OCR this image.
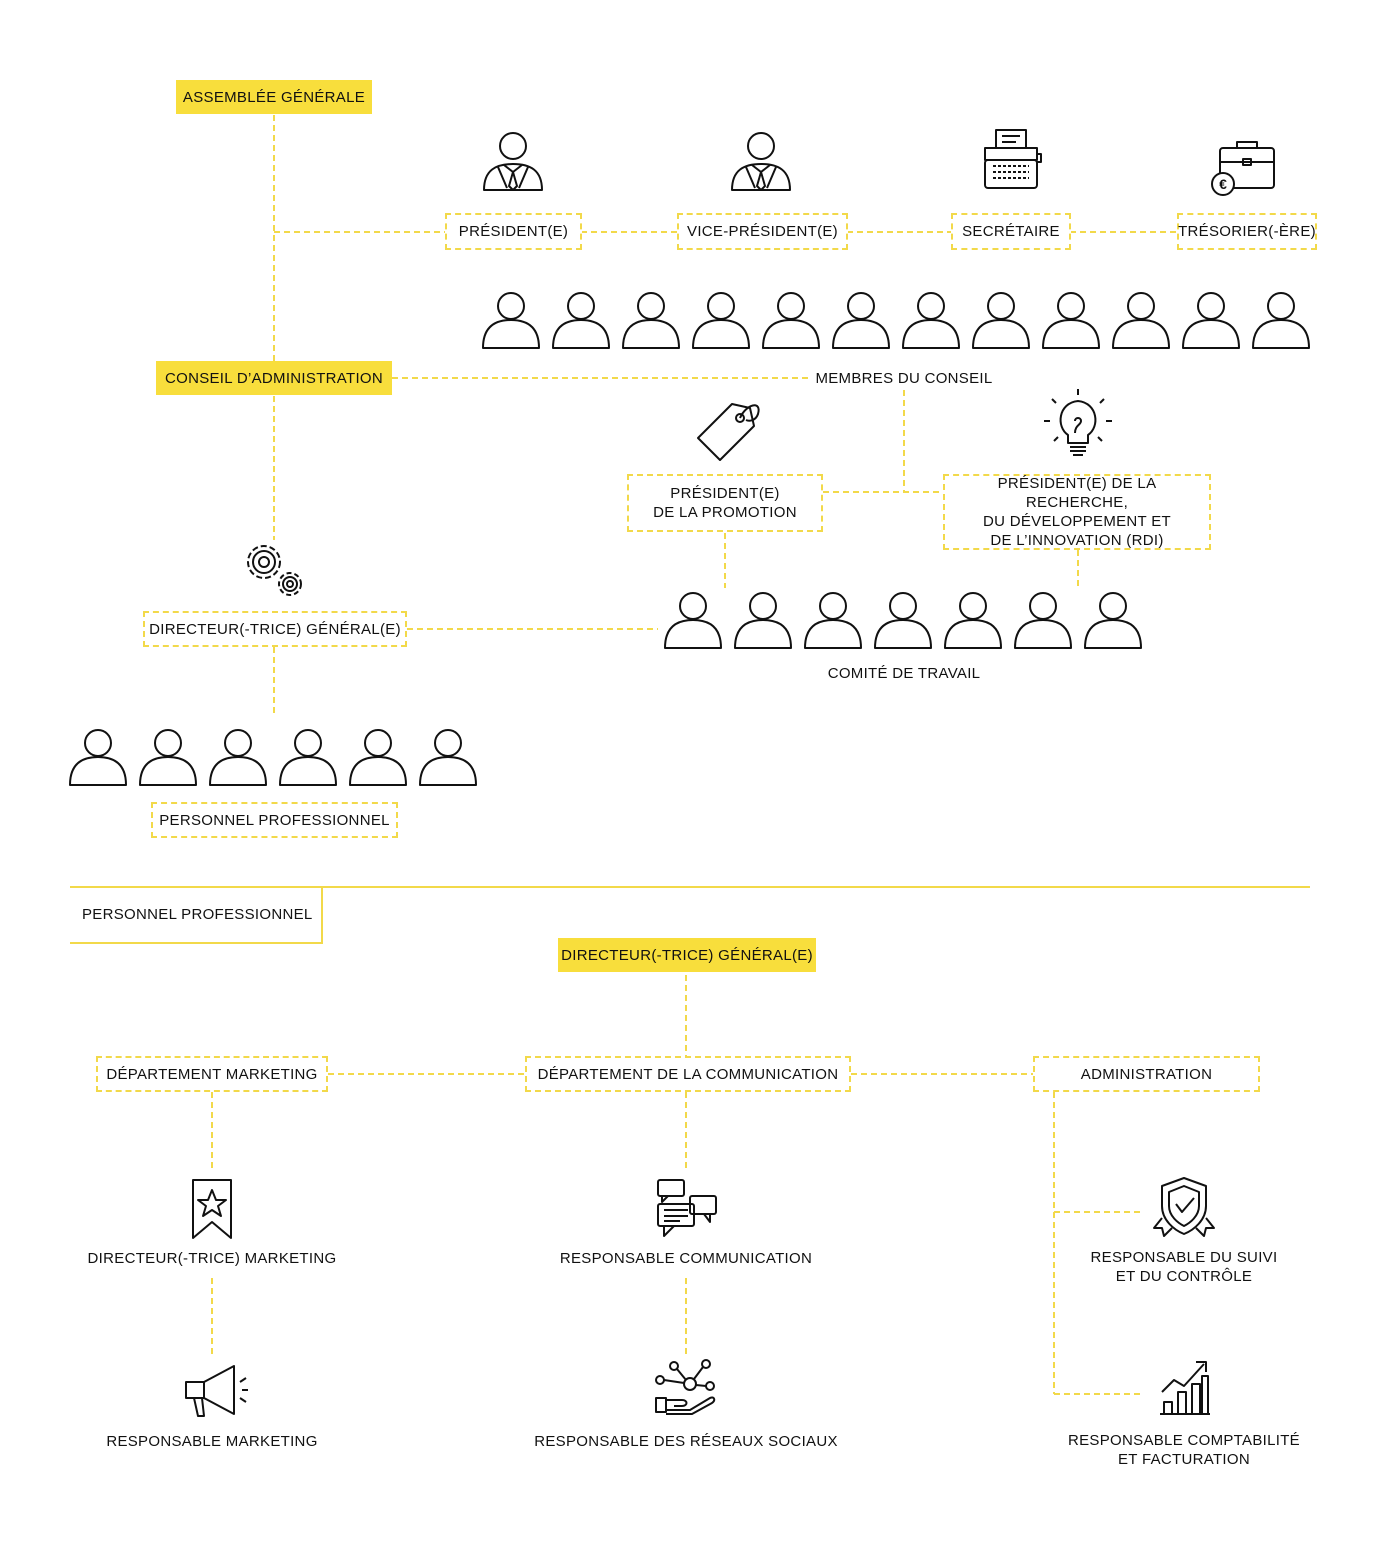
€
ASSEMBLÉE GÉNÉRALE
PRÉSIDENT(E)	VICE-PRÉSIDENT(E)	SECRÉTAIRE	TRÉSORIER(-ÈRE)
CONSEIL D’ADMINISTRATION	MEMBRES DU CONSEIL
PRÉSIDENT(E)
DE LA PROMOTION
PRÉSIDENT(E) DE LA RECHERCHE,
DU DÉVELOPPEMENT ET
DE L’INNOVATION (RDI)
DIRECTEUR(-TRICE) GÉNÉRAL(E)
COMITÉ DE TRAVAIL
PERSONNEL PROFESSIONNEL
PERSONNEL PROFESSIONNEL
DIRECTEUR(-TRICE) GÉNÉRAL(E)
DÉPARTEMENT MARKETING	DÉPARTEMENT DE LA COMMUNICATION	ADMINISTRATION
DIRECTEUR(-TRICE) MARKETING	RESPONSABLE COMMUNICATION	RESPONSABLE DU SUIVI
ET DU CONTRÔLE
RESPONSABLE MARKETING	RESPONSABLE DES RÉSEAUX SOCIAUX	RESPONSABLE COMPTABILITÉ
ET FACTURATION
